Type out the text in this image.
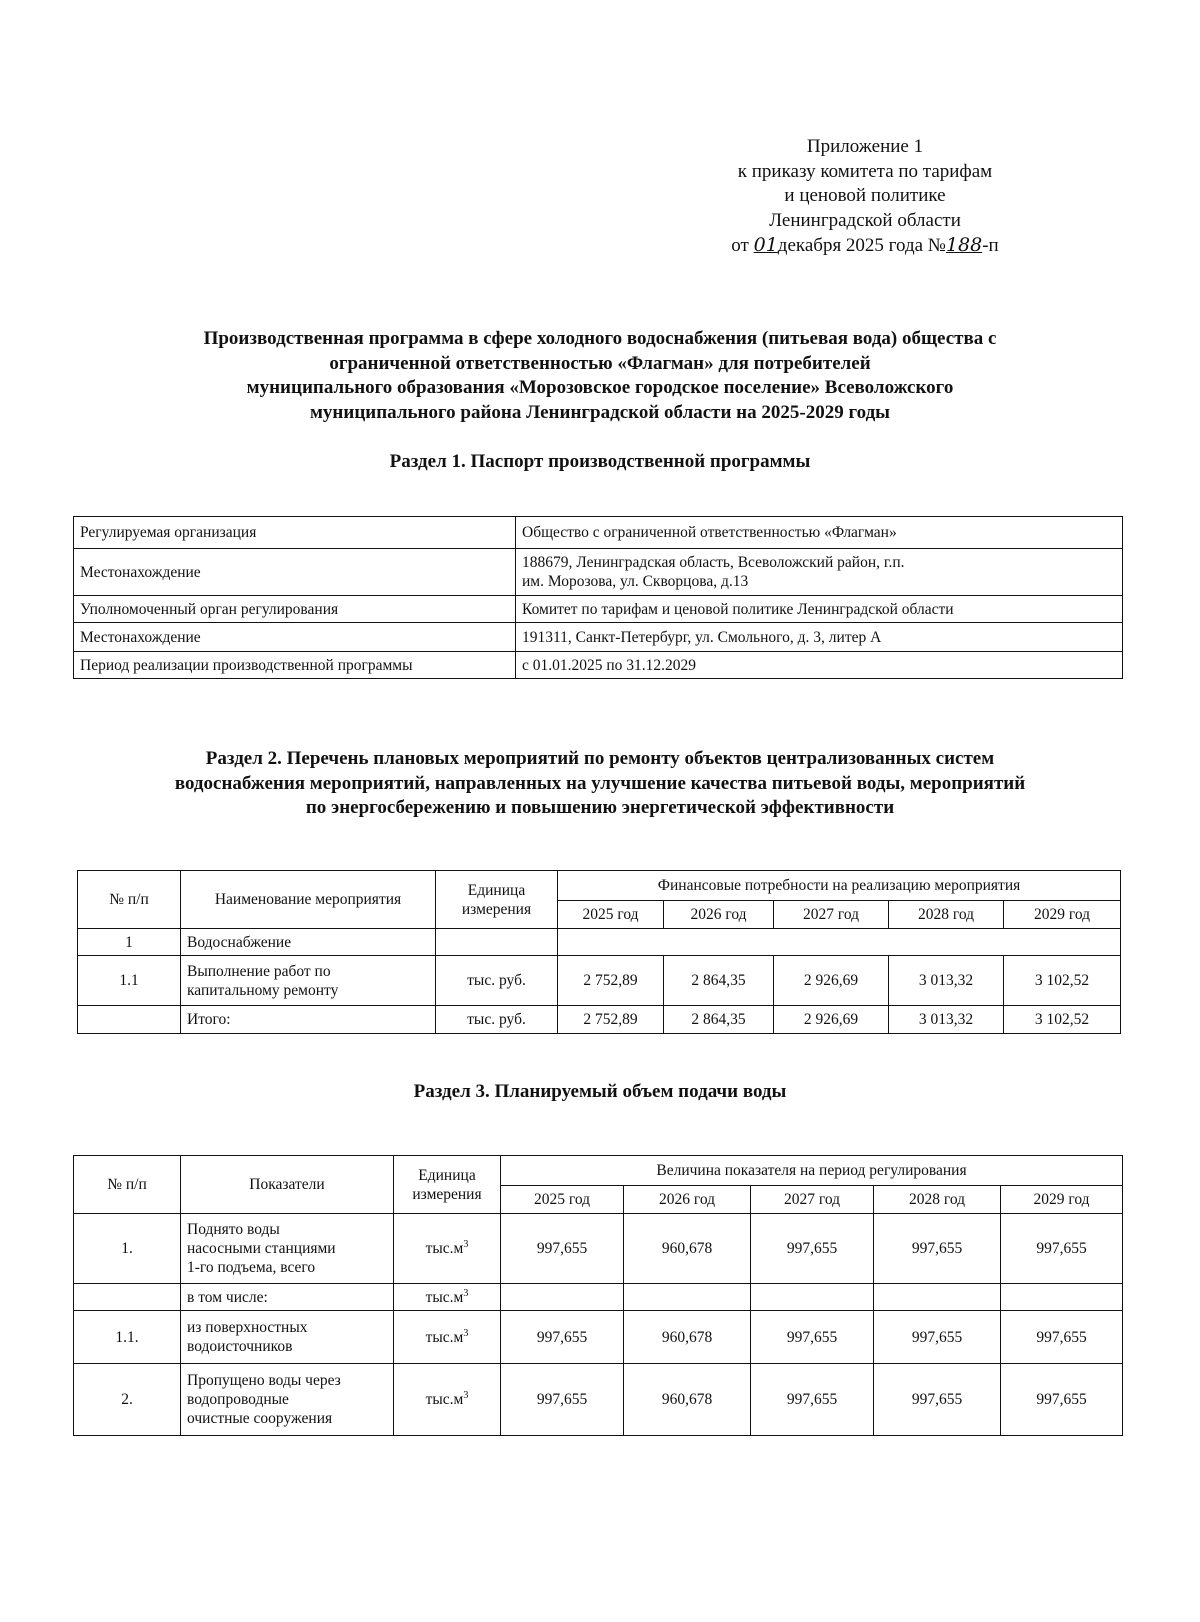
Приложение 1
к приказу комитета по тарифам
и ценовой политике
Ленинградской области
от 01декабря 2025 года №188-п
Производственная программа в сфере холодного водоснабжения (питьевая вода) общества с
ограниченной ответственностью «Флагман» для потребителей
муниципального образования «Морозовское городское поселение» Всеволожского
муниципального района Ленинградской области на 2025-2029 годы
Раздел 1. Паспорт производственной программы
Регулируемая организация	Общество с ограниченной ответственностью «Флагман»

Местонахождение	188679, Ленинградская область, Всеволожский район, г.п.
им. Морозова, ул. Скворцова, д.13

Уполномоченный орган регулирования	Комитет по тарифам и ценовой политике Ленинградской области

Местонахождение	191311, Санкт-Петербург, ул. Смольного, д. 3, литер А

Период реализации производственной программы	с 01.01.2025 по 31.12.2029
Раздел 2. Перечень плановых мероприятий по ремонту объектов централизованных систем
водоснабжения мероприятий, направленных на улучшение качества питьевой воды, мероприятий
по энергосбережению и повышению энергетической эффективности
№ п/п	Наименование мероприятия	Единица
измерения	Финансовые потребности на реализацию мероприятия				
			2025 год	2026 год	2027 год	2028 год	2029 год
1	Водоснабжение						

1.1	Выполнение работ по
капитальному ремонту	тыс. руб.	2 752,89	2 864,35	2 926,69	3 013,32	3 102,52

	Итого:	тыс. руб.	2 752,89	2 864,35	2 926,69	3 013,32	3 102,52
Раздел 3. Планируемый объем подачи воды
№ п/п	Показатели	Единица
измерения	Величина показателя на период регулирования				
			2025 год	2026 год	2027 год	2028 год	2029 год
1.	Поднято воды
насосными станциями
1-го подъема, всего	$тыс.м^3$	997,655	960,678	997,655	997,655	997,655

	в том числе:	$тыс.м^3$					
1.1.	из поверхностных
водоисточников	$тыс.м^3$	997,655	960,678	997,655	997,655	997,655
2.	Пропущено воды через
водопроводные
очистные сооружения	$тыс.м^3$	997,655	960,678	997,655	997,655	997,655
